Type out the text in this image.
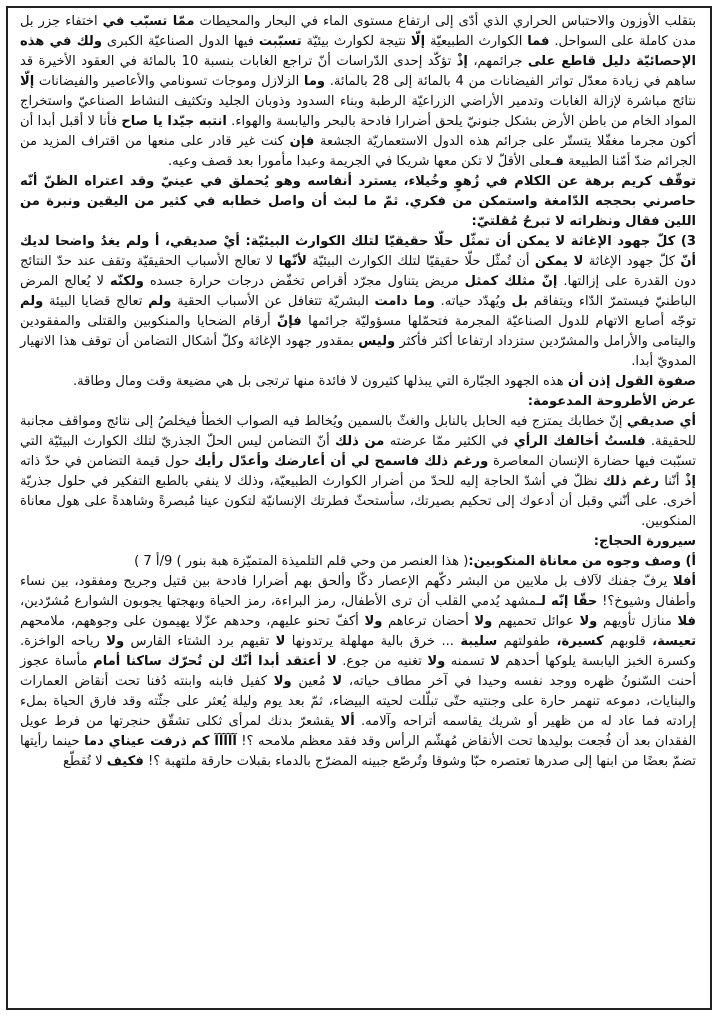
بتقلب الأوزون والاحتباس الحراري الذي أدّى إلى ارتفاع مستوى الماء في البحار والمحيطات ممّا تسبّب في اختفاء جزر بل مدن كاملة على السواحل. فما الكوارث الطبيعيّة إلّا نتيجة لكوارث بيئيّة تسبّبت فيها الدول الصناعيّة الكبرى ولك في هذه الإحصائيّة دليل قاطع على جرائمهم، إذْ تؤكّد إحدى الدّراسات أنّ تراجع الغابات بنسبة 10 بالمائة في العقود الأخيرة قد ساهم في زيادة معدّل تواتر الفيضانات من 4 بالمائة إلى 28 بالمائة. وما الزلازل وموجات تسونامي والأعاصير والفيضانات إلّا نتائج مباشرة لإزالة الغابات وتدمير الأراضي الزراعيّة الرطبة وبناء السدود وذوبان الجليد وتكثيف النشاط الصناعيّ واستخراج المواد الخام من باطن الأرض بشكل جنونيّ يلحق أضرارا فادحة بالبحر واليابسة والهواء. انتبه جيّدا يا صاح فأنا لا أقبل أبدا أن أكون مجرما مغفّلا يتستّر على جرائم هذه الدول الاستعماريّة الجشعة فإن كنت غير قادر على منعها من اقتراف المزيد من الجرائم ضدّ أمّنا الطبيعة فـعلى الأقلّ لا تكن معها شريكا في الجريمة وعبدا مأمورا بعد قصف وعيه.

توقّف كريم برهة عن الكلام في زُهوٍ وخُيلاء، يسترد أنفاسه وهو يُحملق في عينيّ وقد اعتراه الظنّ أنّه حاصرني بحججه الدّامغة واستمكن من فكري. ثمّ ما لبث أن واصل خطابه في كثير من اليقين ونبرة من اللين فقال ونظراته لا تبرحُ مُقلتيّ:

3) كلّ جهود الإغاثة لا يمكن أن تمثّل حلّا حقيقيّا لتلك الكوارث البيئيّة: أيْ صديقي، أ ولم يغدُ واضحا لديك أنّ كلّ جهود الإغاثة لا يمكن أن تُمثّل حلّا حقيقيّا لتلك الكوارث البيئيّة لأنّها لا تعالج الأسباب الحقيقيّة وتقف عند حدّ النتائج دون القدرة على إزالتها. إنّ مثلك كمثل مريض يتناول مجرّد أقراص تخفّض درجات حرارة جسده ولكنّه لا يُعالج المرض الباطنيّ فيستمرّ الدّاء ويتفاقم بل ويُهدّد حياته. وما دامت البشريّة تتغافل عن الأسباب الحقية ولم تعالج قضايا البيئة ولم توجّه أصابع الاتهام للدول الصناعيّة المجرمة فتحمّلها مسؤوليّة جرائمها فإنّ أرقام الضحايا والمنكوبين والقتلى والمفقودين واليتامى والأرامل والمشرّدين ستزداد ارتفاعا أكثر فأكثر وليس بمقدور جهود الإغاثة وكلّ أشكال التضامن أن توقف هذا الانهيار المدويّ أبدا.

صفوة القول إذن أن هذه الجهود الجبّارة التي يبذلها كثيرون لا فائدة منها ترتجى بل هي مضيعة وقت ومال وطاقة.

عرض الأطروحة المدعومة:

أي صديقي إنّ خطابك يمتزج فيه الحابل بالنابل والغثّ بالسمين ويُخالط فيه الصواب الخطأ فيخلصُ إلى نتائج ومواقف مجانبة للحقيقة. فلستُ أخالفك الرأي في الكثير ممّا عرضته من ذلك أنّ التضامن ليس الحلّ الجذريّ لتلك الكوارث البيئيّة التي تسبّبت فيها حضارة الإنسان المعاصرة ورغم ذلك فاسمح لي أن أعارضك وأعدّل رأيك حول قيمة التضامن في حدّ ذاته إذْ أنّنا رغم ذلك نظلّ في أشدّ الحاجة إليه للحدّ من أضرار الكوارث الطبيعيّة، وذلك لا ينفي بالطبع التفكير في حلول جذريّة أخرى. على أنّني وقبل أن أدعوك إلى تحكيم بصيرتك، سأستحثّ فطرتك الإنسانيّة لتكون عينا مُبصرةً وشاهدةً على هول معاناة المنكوبين.

سيرورة الحجاج:

أ) وصف وجوه من معاناة المنكوبين:( هذا العنصر من وحي قلم التلميذة المتميّزة هبة بنور ) 9/أ 7 )

أفلا يرفّ جفنك لآلاف بل ملايين من البشر دكّهم الإعصار دكّا وألحق بهم أضرارا فادحة بين قتيل وجريح ومفقود، بين نساء وأطفال وشيوخ؟! حقّا إنّه لـمشهد يُدمي القلب أن ترى الأطفال، رمز البراءة، رمز الحياة وبهجتها يجوبون الشوارع مُشرّدين، فلا منازل تأويهم ولا عوائل تحميهم ولا أحضان ترعاهم ولا أكفّ تحنو عليهم، وحدهم عزّلا يهيمون على وجوههم، ملامحهم تعيسة، قلوبهم كسيرة، طفولتهم سليبة ... خرق بالية مهلهلة يرتدونها لا تقيهم برد الشتاء القارس ولا رياحه الواخزة. وكسرة الخبز اليابسة يلوكها أحدهم لا تسمنه ولا تغنيه من جوع. لا أعتقد أبدا أنّك لن تُحرّك ساكنا أمام مأساة عجوز أحنت السّنونُ ظهره ووجد نفسه وحيدا في آخر مطاف حياته، لا مُعين ولا كفيل فابنه وابنته دُفنا تحت أنقاض العمارات والبنايات، دموعه تنهمر حارة على وجنتيه حتّى تبلّلت لحيته البيضاء، ثمّ بعد يوم وليلة يُعثر على جثّته وقد فارق الحياة بملء إرادته فما عاد له من ظهير أو شريك يقاسمه أتراحه وآلامه. ألا يقشعرّ بدنك لمرأى ثكلى تشقّق حنجرتها من فرط عويل الفقدان بعد أن فُجعت بوليدها تحت الأنقاض مُهشّم الرأس وقد فقد معظم ملامحه ؟! آآآآآ كم ذرفت عيناي دما حينما رأيتها تضمّ بعضًا من ابنها إلى صدرها تعتصره حبّا وشوقا وتُرصّع جبينه المضرّج بالدماء بقبلات حارقة ملتهبة ؟! فكيف لا تُقطّع
